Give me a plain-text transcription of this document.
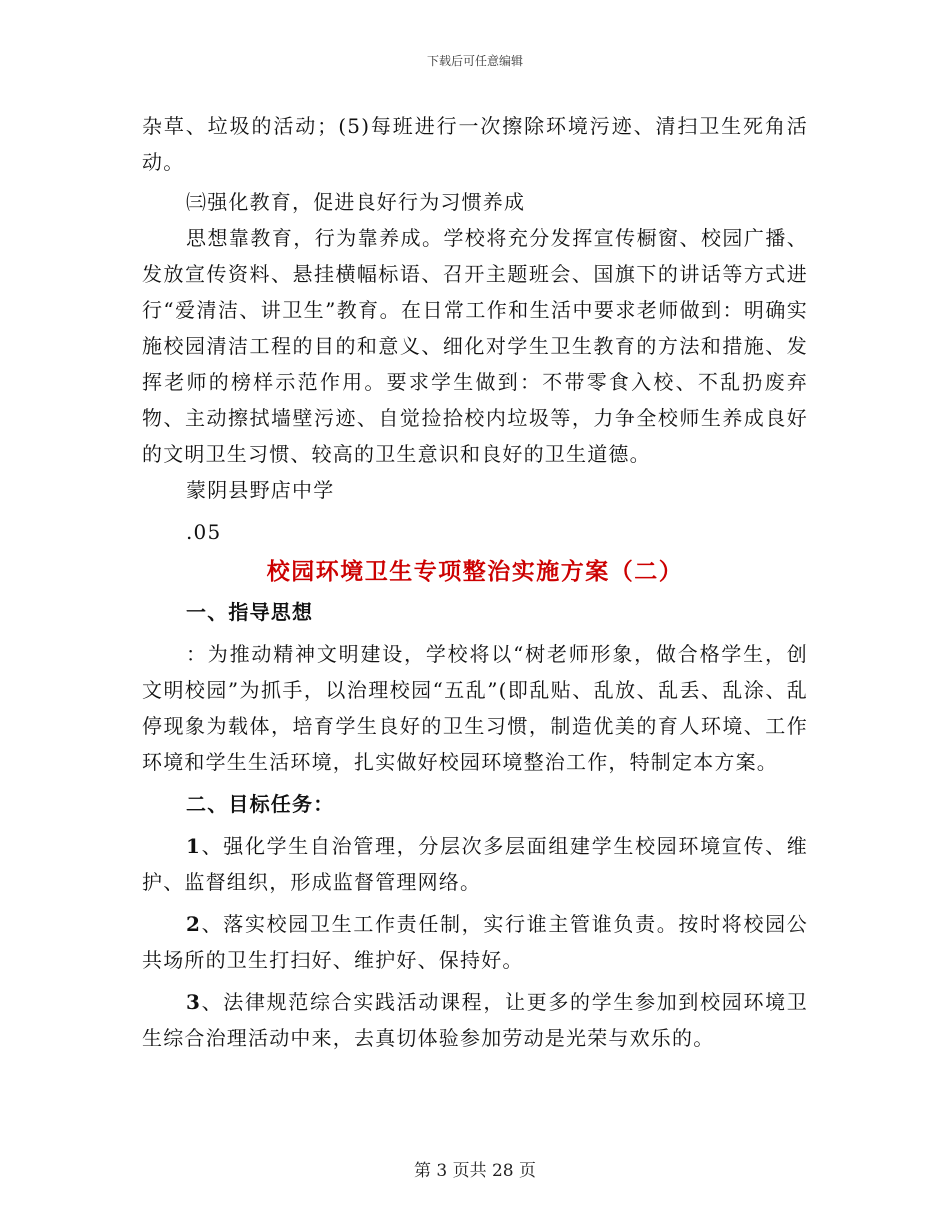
下载后可任意编辑

杂草、垃圾的活动；(5)每班进行一次擦除环境污迹、清扫卫生死角活动。

㈢强化教育，促进良好行为习惯养成

思想靠教育，行为靠养成。学校将充分发挥宣传橱窗、校园广播、发放宣传资料、悬挂横幅标语、召开主题班会、国旗下的讲话等方式进行“爱清洁、讲卫生”教育。在日常工作和生活中要求老师做到：明确实施校园清洁工程的目的和意义、细化对学生卫生教育的方法和措施、发挥老师的榜样示范作用。要求学生做到：不带零食入校、不乱扔废弃物、主动擦拭墙壁污迹、自觉捡拾校内垃圾等，力争全校师生养成良好的文明卫生习惯、较高的卫生意识和良好的卫生道德。

蒙阴县野店中学

.05

校园环境卫生专项整治实施方案（二）

一、指导思想

：为推动精神文明建设，学校将以“树老师形象，做合格学生，创文明校园”为抓手，以治理校园“五乱”(即乱贴、乱放、乱丢、乱涂、乱停现象为载体，培育学生良好的卫生习惯，制造优美的育人环境、工作环境和学生生活环境，扎实做好校园环境整治工作，特制定本方案。

二、目标任务：

1、强化学生自治管理，分层次多层面组建学生校园环境宣传、维护、监督组织，形成监督管理网络。

2、落实校园卫生工作责任制，实行谁主管谁负责。按时将校园公共场所的卫生打扫好、维护好、保持好。

3、法律规范综合实践活动课程，让更多的学生参加到校园环境卫生综合治理活动中来，去真切体验参加劳动是光荣与欢乐的。

第 3 页共 28 页
